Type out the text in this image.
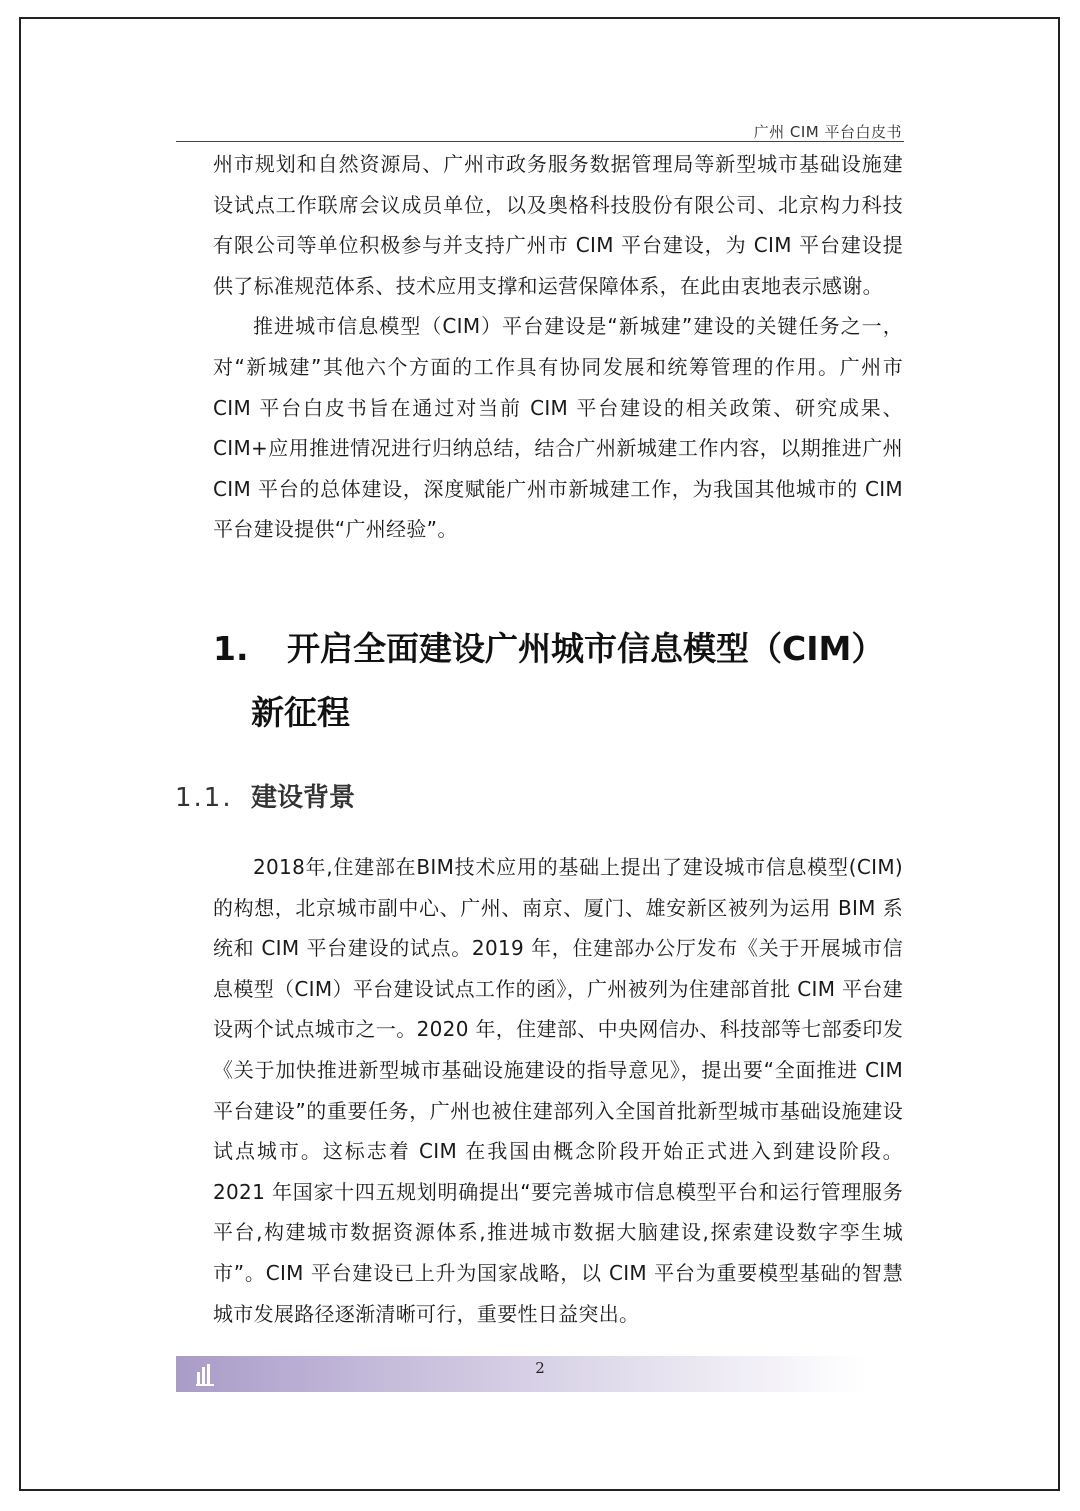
广州 CIM 平台白皮书

州市规划和自然资源局、广州市政务服务数据管理局等新型城市基础设施建设试点工作联席会议成员单位，以及奥格科技股份有限公司、北京构力科技有限公司等单位积极参与并支持广州市 CIM 平台建设，为 CIM 平台建设提供了标准规范体系、技术应用支撑和运营保障体系，在此由衷地表示感谢。

推进城市信息模型（CIM）平台建设是“新城建”建设的关键任务之一，对“新城建”其他六个方面的工作具有协同发展和统筹管理的作用。广州市 CIM 平台白皮书旨在通过对当前 CIM 平台建设的相关政策、研究成果、CIM+应用推进情况进行归纳总结，结合广州新城建工作内容，以期推进广州 CIM 平台的总体建设，深度赋能广州市新城建工作，为我国其他城市的 CIM 平台建设提供“广州经验”。

1. 开启全面建设广州城市信息模型（CIM）
新征程
1.1. 建设背景

2018年,住建部在BIM技术应用的基础上提出了建设城市信息模型(CIM)的构想，北京城市副中心、广州、南京、厦门、雄安新区被列为运用 BIM 系统和 CIM 平台建设的试点。2019 年，住建部办公厅发布《关于开展城市信息模型（CIM）平台建设试点工作的函》，广州被列为住建部首批 CIM 平台建设两个试点城市之一。2020 年，住建部、中央网信办、科技部等七部委印发《关于加快推进新型城市基础设施建设的指导意见》，提出要“全面推进 CIM 平台建设”的重要任务，广州也被住建部列入全国首批新型城市基础设施建设试点城市。这标志着 CIM 在我国由概念阶段开始正式进入到建设阶段。2021 年国家十四五规划明确提出“要完善城市信息模型平台和运行管理服务平台,构建城市数据资源体系,推进城市数据大脑建设,探索建设数字孪生城市”。CIM 平台建设已上升为国家战略，以 CIM 平台为重要模型基础的智慧城市发展路径逐渐清晰可行，重要性日益突出。

2
